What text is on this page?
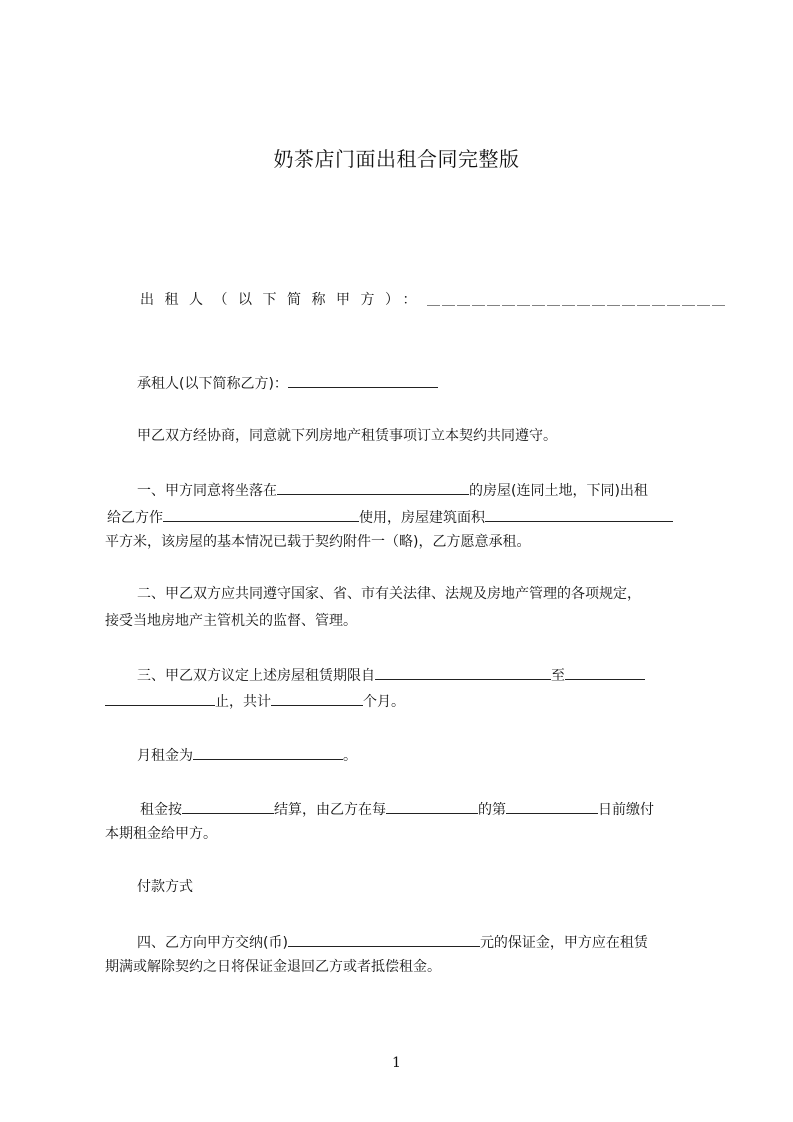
奶茶店门面出租合同完整版

出租人（以下简称甲方）：＿＿＿＿＿＿＿＿＿＿＿＿＿＿＿＿＿＿＿＿

承租人(以下简称乙方)：

甲乙双方经协商，同意就下列房地产租赁事项订立本契约共同遵守。

一、甲方同意将坐落在	的房屋(连同土地，下同)出租

给乙方作	使用，房屋建筑面积

平方米，该房屋的基本情况已载于契约附件一（略)，乙方愿意承租。

二、甲乙双方应共同遵守国家、省、市有关法律、法规及房地产管理的各项规定，

接受当地房地产主管机关的监督、管理。

三、甲乙双方议定上述房屋租赁期限自	至

止，共计	个月。

月租金为	。

租金按	结算，由乙方在每	的第	日前缴付

本期租金给甲方。

付款方式

四、乙方向甲方交纳(币)	元的保证金，甲方应在租赁

期满或解除契约之日将保证金退回乙方或者抵偿租金。

1
